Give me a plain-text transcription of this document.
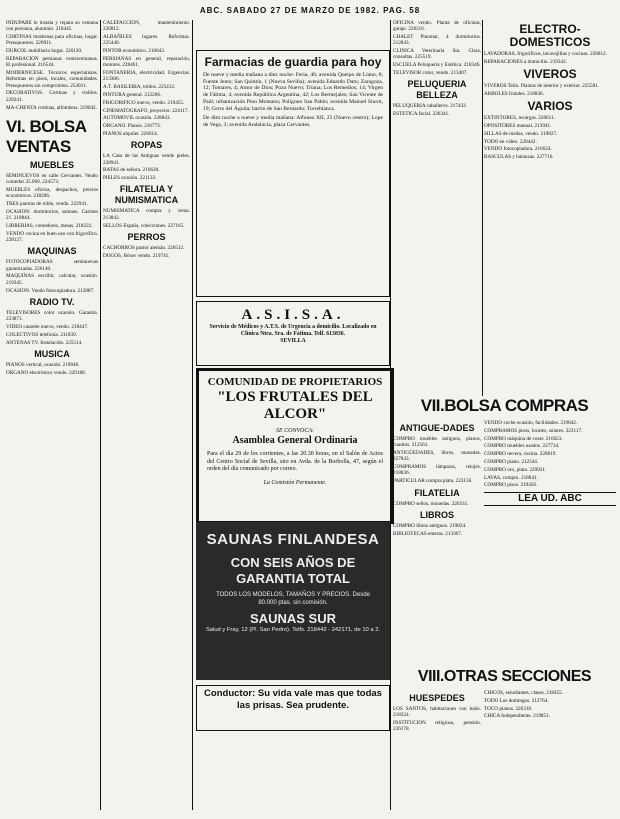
ABC. SABADO 27 DE MARZO DE 1982. PAG. 58

INDUPARE le instala y repara su ventana con persiana, aluminio. 218445.

CORTINAS modernas para oficinas, hogar. Presupuestos. 226911.

DURCOL mobiliario hogar. 226120.

REPARACION persianas contraventanas. El profesional. 216544.

MODERNICESE. Técnicos especialistas. Reformas en pisos, locales, comunidades. Presupuestos sin compromiso. 253011.

DECORATIVOS. Cortinas y visillos. 228341.

MA-CHENTA cortinas, alfombras. 219042.

VI. BOLSA VENTAS
MUEBLES

SEMINUEVOS en calle Cervantes. Vendo comedor 25.000. 224573.

MUEBLES oficina, despachos, precios económicos. 218206.

TRES puertas de roble, vendo. 222941.

OCASION: dormitorios, salones. Carmen 21. 218844.

LIBRERIAS, comedores, mesas. 218222.

VENDO cocina en buen uso con frigorífico. 228127.

MAQUINAS

FOTOCOPIADORAS seminuevas garantizadas. 226140.

MAQUINAS escribir, calcular, ocasión. 219345.

OCASION. Vendo fotocopiadora. 212887.

RADIO TV.

TELEVISORES color ocasión. Garantía. 223871.

VIDEO cassette nuevo, vendo. 218447.

COLECTIVOS telefonía. 211839.

ANTENAS TV. Instalación. 225514.

MUSICA

PIANOS vertical, ocasión. 219846.

ORGANO electrónico vendo. 229188.

CALEFACCION, mantenimiento. 226812.

ALBAÑILES lugares. Reformas. 225440.

PINTOR económico. 216643.

PERSIANAS en general, reparación, motores. 228461.

FONTANERIA, electricidad. Urgencias. 213306.

A.T. BASILERIA, toldos. 225412.

PINTURA general. 212266.

FRIGORIFICO nuevo, vendo. 219455.

CINEMATOGRAFO, proyector. 224117.

AUTOMOVIL ocasión. 228843.

ORGANO. Pianos. 216773.

PIANOS alquiler. 226614.

ROPAS

LA Casa de las Antiguas vende pieles. 228941.

BATAS de señora. 216620.

PIELES ocasión. 221133.

FILATELIA Y NUMISMATICA

NUMISMATICA compra y venta. 213842.

SELLOS España, colecciones. 227165.

PERROS

CACHORROS pastor alemán. 226512.

DOGOS, Bóxer vendo. 219741.

Farmacias de guardia para hoy

De nueve y media mañana a diez noche: Feria, 46; avenida Queipo de Llano, 8; Fuente Jerez; San Quintín, 1 (Nueva Sevilla); avenida Eduardo Dato; Zaragoza, 12; Tomares, 4; Amor de Dios; Pozo Nuevo; Triana; Los Remedios, 14; Virgen de Fátima, 4; avenida República Argentina, 42; Los Bermejales; San Vicente de Paúl; urbanización Pino Montano; Polígono San Pablo; avenida Manuel Siurot, 19; Cerro del Águila; barrio de San Bernardo; Torreblanca.

De diez noche a nueve y media mañana: Alfonso XII, 25 (Nuevo centro); Lope de Vega, 3; avenida Andalucía, plaza Cervantes.

A.S.I.S.A.
Servicio de Médicos y A.T.S. de Urgencia a domicilio. Localizado en Clínica Ntra. Sra. de Fátima. Telf. 613836.
SEVILLA
COMUNIDAD DE PROPIETARIOS
"LOS FRUTALES DEL ALCOR"
SE CONVOCA:
Asamblea General Ordinaria
Para el día 29 de los corrientes, a las 20.30 horas, en el Salón de Actos del Centro Social de Sevilla, sito en Avda. de la Borbolla, 47, según el orden del día comunicado por correo.
La Comisión Permanente.
SAUNAS FINLANDESA
CON SEIS AÑOS DE
GARANTIA TOTAL
TODOS LOS MODELOS, TAMAÑOS Y PRECIOS. Desde 80.000 ptas. sin comisión.
SAUNAS SUR
Salud y Fray, 12 (Pl. San Pedro). Telfs. 218442 - 242171, de 10 a 2.
Conductor: Su vida vale mas que todas las prisas. Sea prudente.

OFICINA vendo. Planta de oficinas, garaje. 228316.

CHALET Pinomar, 4 dormitorios. 212843.

CLINICA Veterinaria Sta. Clara, consultas. 225519.

ESCUELA Peluquería y Estética. 218346.

TELEVISOR color, vendo. 213407.

PELUQUERIA BELLEZA

PELUQUERIA caballeros. 217432.

ESTETICA facial. 226341.

ELECTRO-DOMESTICOS

LAVADORAS, frigoríficos, lavavajillas y cocinas. 226812.

REPARACIONES a domicilio. 219342.

VIVEROS

VIVEROS Tello. Plantas de interior y exterior. 225581.

ARBOLES frutales. 218836.

VARIOS

EXTINTORES, recargas. 226611.

OPOSITORES manual. 213941.

SILLAS de ruedas, vendo. 219827.

TODO en vídeo. 228442.

VENDO fotocopiadora. 216624.

BASCULAS y balanzas. 227716.

VII.BOLSA COMPRAS
ANTIGUE-DADES

COMPRO muebles antiguos, pianos, cuadros. 212561.

ANTIGÜEDADES, libros, monedas. 227843.

COMPRAMOS lámparas, relojes. 218836.

PARTICULAR compra plata. 223156.

FILATELIA

COMPRO sellos, monedas. 226331.

LIBROS

COMPRO libros antiguos. 219824.

BIBLIOTECAS enteras. 213367.

VENDO coche ocasión, facilidades. 219842.

COMPRAMOS pisos, locales, solares. 223117.

COMPRO máquina de coser. 216623.

COMPRO muebles usados. 227734.

COMPRO nevera, cocina. 228819.

COMPRO piano. 212544.

COMPRO oro, plata. 229931.

LAVAS, compro. 218841.

COMPRO pisos. 219456.

LEA UD. ABC
VIII.OTRAS SECCIONES
HUESPEDES

LOS SANTOS, habitaciones con baño. 218324.

INSTITUCION religiosa, pensión. 226178.

CHICOS, estudiantes, clases. 218455.

TODO Los domingos. 212764.

TOCO pianos. 226318.

CHICA Independiente. 219851.
